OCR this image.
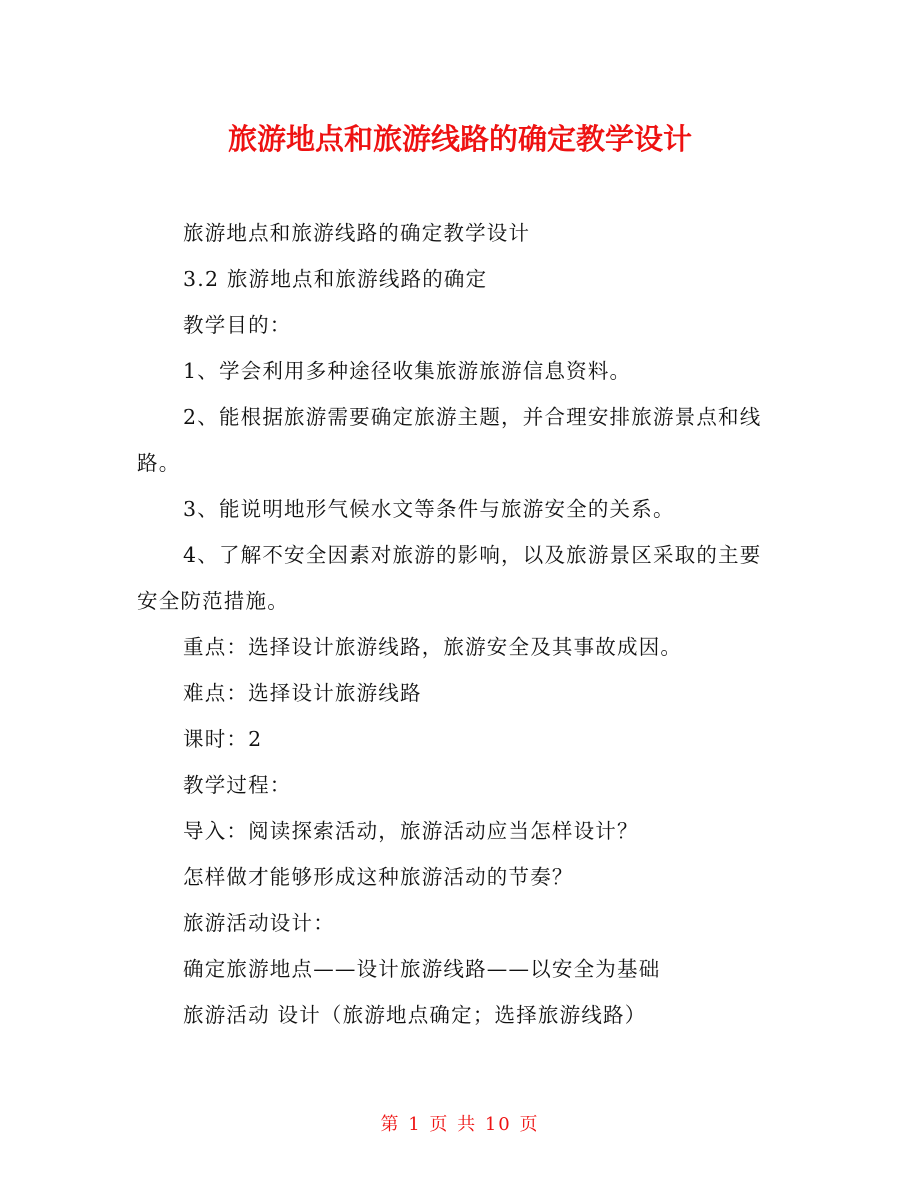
旅游地点和旅游线路的确定教学设计

旅游地点和旅游线路的确定教学设计

3.2 旅游地点和旅游线路的确定

教学目的：

1、学会利用多种途径收集旅游旅游信息资料。

2、能根据旅游需要确定旅游主题，并合理安排旅游景点和线路。

3、能说明地形气候水文等条件与旅游安全的关系。

4、了解不安全因素对旅游的影响，以及旅游景区采取的主要安全防范措施。

重点：选择设计旅游线路，旅游安全及其事故成因。

难点：选择设计旅游线路

课时：2

教学过程：

导入：阅读探索活动，旅游活动应当怎样设计？

怎样做才能够形成这种旅游活动的节奏？

旅游活动设计：

确定旅游地点——设计旅游线路——以安全为基础

旅游活动 设计（旅游地点确定；选择旅游线路）

第 1 页 共 10 页
